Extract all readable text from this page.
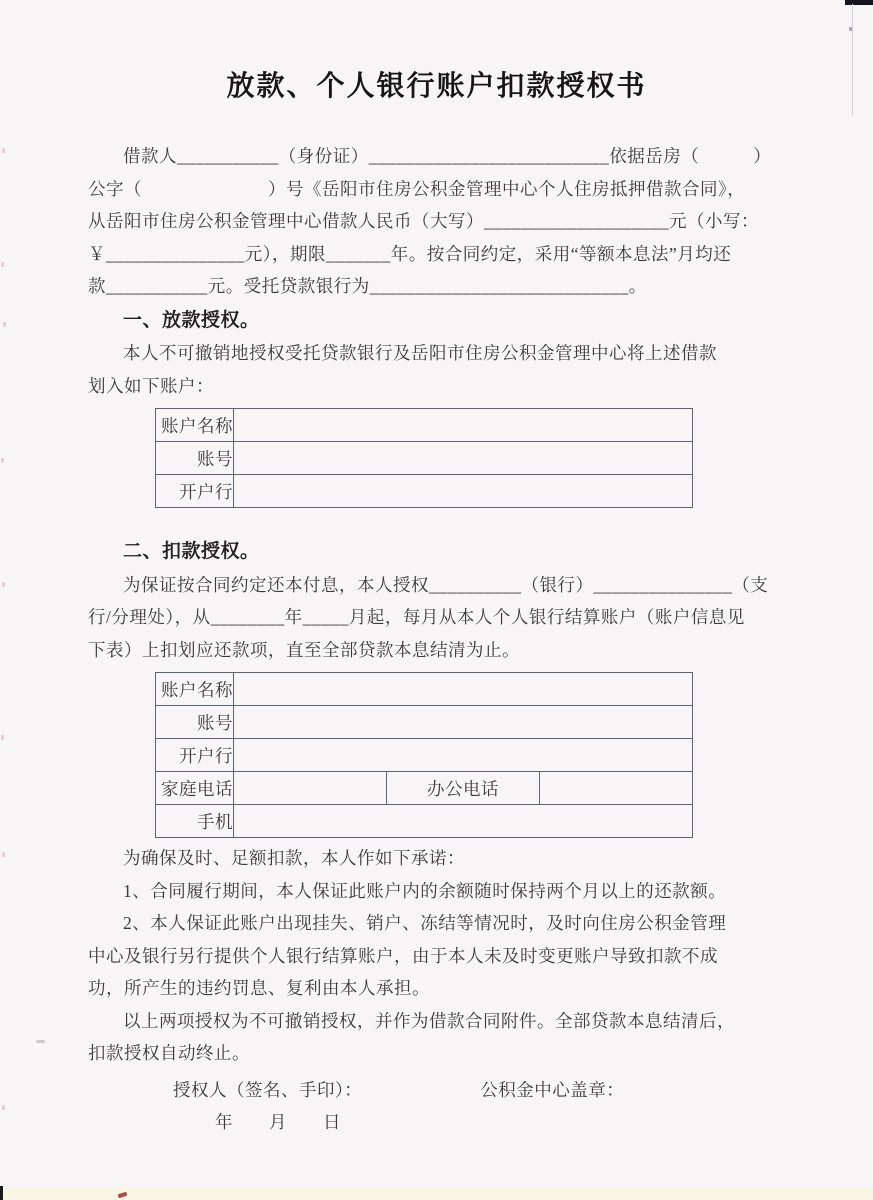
放款、个人银行账户扣款授权书
借款人___________（身份证）__________________________依据岳房（　　　）
公字（　　　　　　　）号《岳阳市住房公积金管理中心个人住房抵押借款合同》，
从岳阳市住房公积金管理中心借款人民币（大写）____________________元（小写：
￥_______________元），期限_______年。按合同约定，采用“等额本息法”月均还
款___________元。受托贷款银行为____________________________。
一、放款授权。
本人不可撤销地授权受托贷款银行及岳阳市住房公积金管理中心将上述借款
划入如下账户：
账户名称	
账号	
开户行	
二、扣款授权。
为保证按合同约定还本付息，本人授权__________（银行）_______________（支
行/分理处），从________年_____月起，每月从本人个人银行结算账户（账户信息见
下表）上扣划应还款项，直至全部贷款本息结清为止。
账户名称			
账号			
开户行			
家庭电话		办公电话	
手机			
为确保及时、足额扣款，本人作如下承诺：
1、合同履行期间，本人保证此账户内的余额随时保持两个月以上的还款额。
2、本人保证此账户出现挂失、销户、冻结等情况时，及时向住房公积金管理
中心及银行另行提供个人银行结算账户，由于本人未及时变更账户导致扣款不成
功，所产生的违约罚息、复利由本人承担。
以上两项授权为不可撤销授权，并作为借款合同附件。全部贷款本息结清后，
扣款授权自动终止。
授权人（签名、手印）：	公积金中心盖章：
年　　月　　日
